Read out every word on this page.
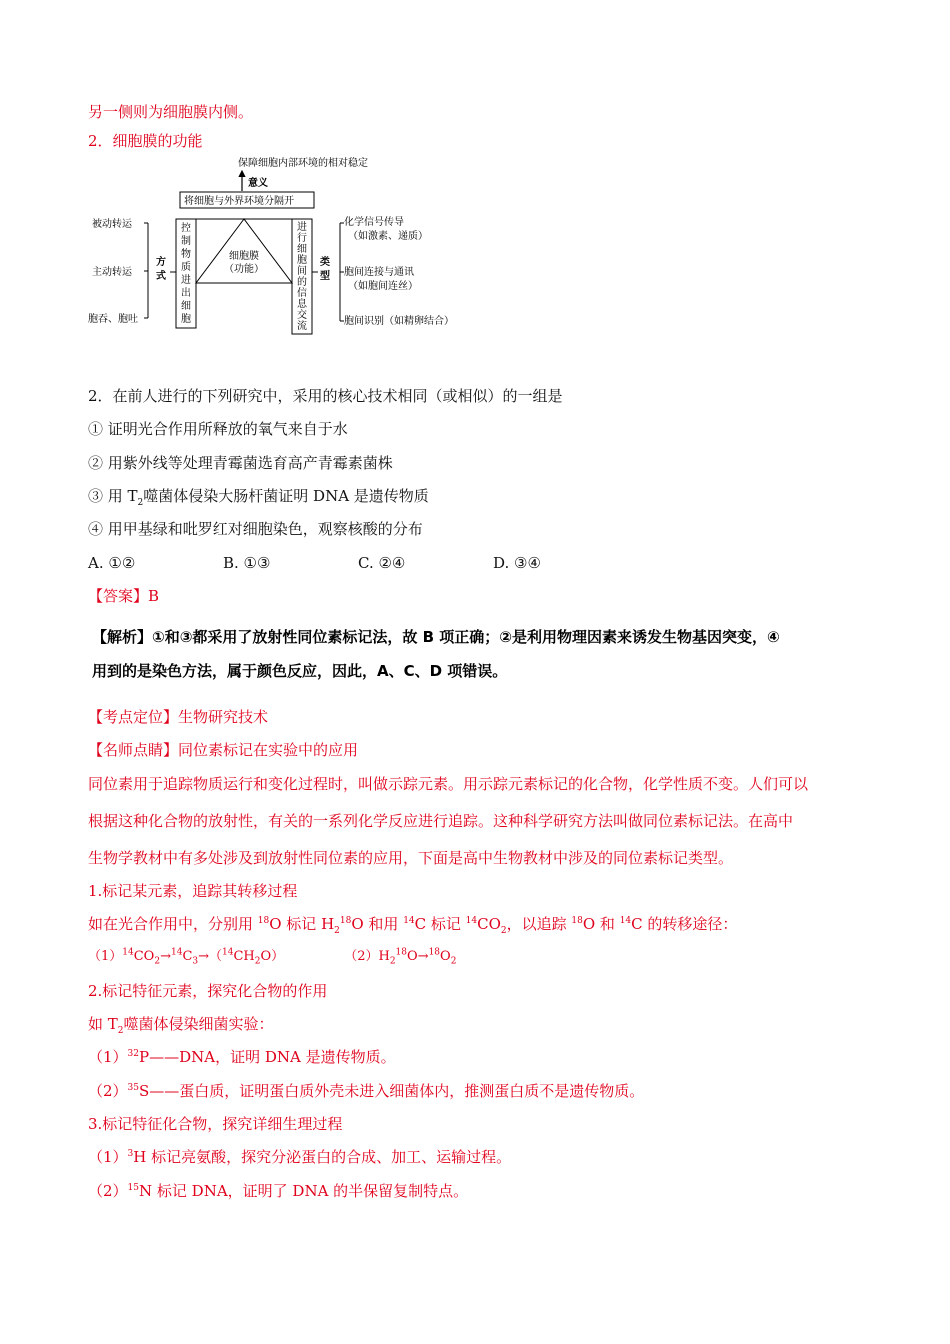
另一侧则为细胞膜内侧。
2．细胞膜的功能
保障细胞内部环境的相对稳定
意义
将细胞与外界环境分隔开
细胞膜
（功能）
控
制
物
质
进
出
细
胞
进
行
细
胞
间
的
信
息
交
流
方
式
被动转运
主动转运
胞吞、胞吐
类
型
化学信号传导
（如激素、递质）
胞间连接与通讯
（如胞间连丝）
胞间识别（如精卵结合）
2．在前人进行的下列研究中，采用的核心技术相同（或相似）的一组是
① 证明光合作用所释放的氧气来自于水
② 用紫外线等处理青霉菌选育高产青霉素菌株
③ 用 $T_2$噬菌体侵染大肠杆菌证明 DNA 是遗传物质
④ 用甲基绿和吡罗红对细胞染色，观察核酸的分布
A. ①②	B. ①③	C. ②④	D. ③④
【答案】B
【解析】①和③都采用了放射性同位素标记法，故 B 项正确；②是利用物理因素来诱发生物基因突变，④
用到的是染色方法，属于颜色反应，因此，A、C、D 项错误。
【考点定位】生物研究技术
【名师点睛】同位素标记在实验中的应用
同位素用于追踪物质运行和变化过程时，叫做示踪元素。用示踪元素标记的化合物，化学性质不变。人们可以
根据这种化合物的放射性，有关的一系列化学反应进行追踪。这种科学研究方法叫做同位素标记法。在高中
生物学教材中有多处涉及到放射性同位素的应用，下面是高中生物教材中涉及的同位素标记类型。
1.标记某元素，追踪其转移过程
如在光合作用中，分别用 $^{18}$O 标记 $H_2^{18}O$ 和用 $^{14}$C 标记 $^{14}CO_2$，以追踪 $^{18}$O 和 $^{14}$C 的转移途径：
$(1)^{14}CO_2\to^{14}C_3\to(^{14}CH_2O)$	$(2)H_2^{18}O\to^{18}O_2$
2.标记特征元素，探究化合物的作用
如 $T_2$噬菌体侵染细菌实验：
$(1)^{32}P——DNA$，证明 DNA 是遗传物质。
$(2)^{35}S——$蛋白质，证明蛋白质外壳未进入细菌体内，推测蛋白质不是遗传物质。
3.标记特征化合物，探究详细生理过程
$(1)^3H$ 标记亮氨酸，探究分泌蛋白的合成、加工、运输过程。
$(2)^{15}N$ 标记 DNA，证明了 DNA 的半保留复制特点。
